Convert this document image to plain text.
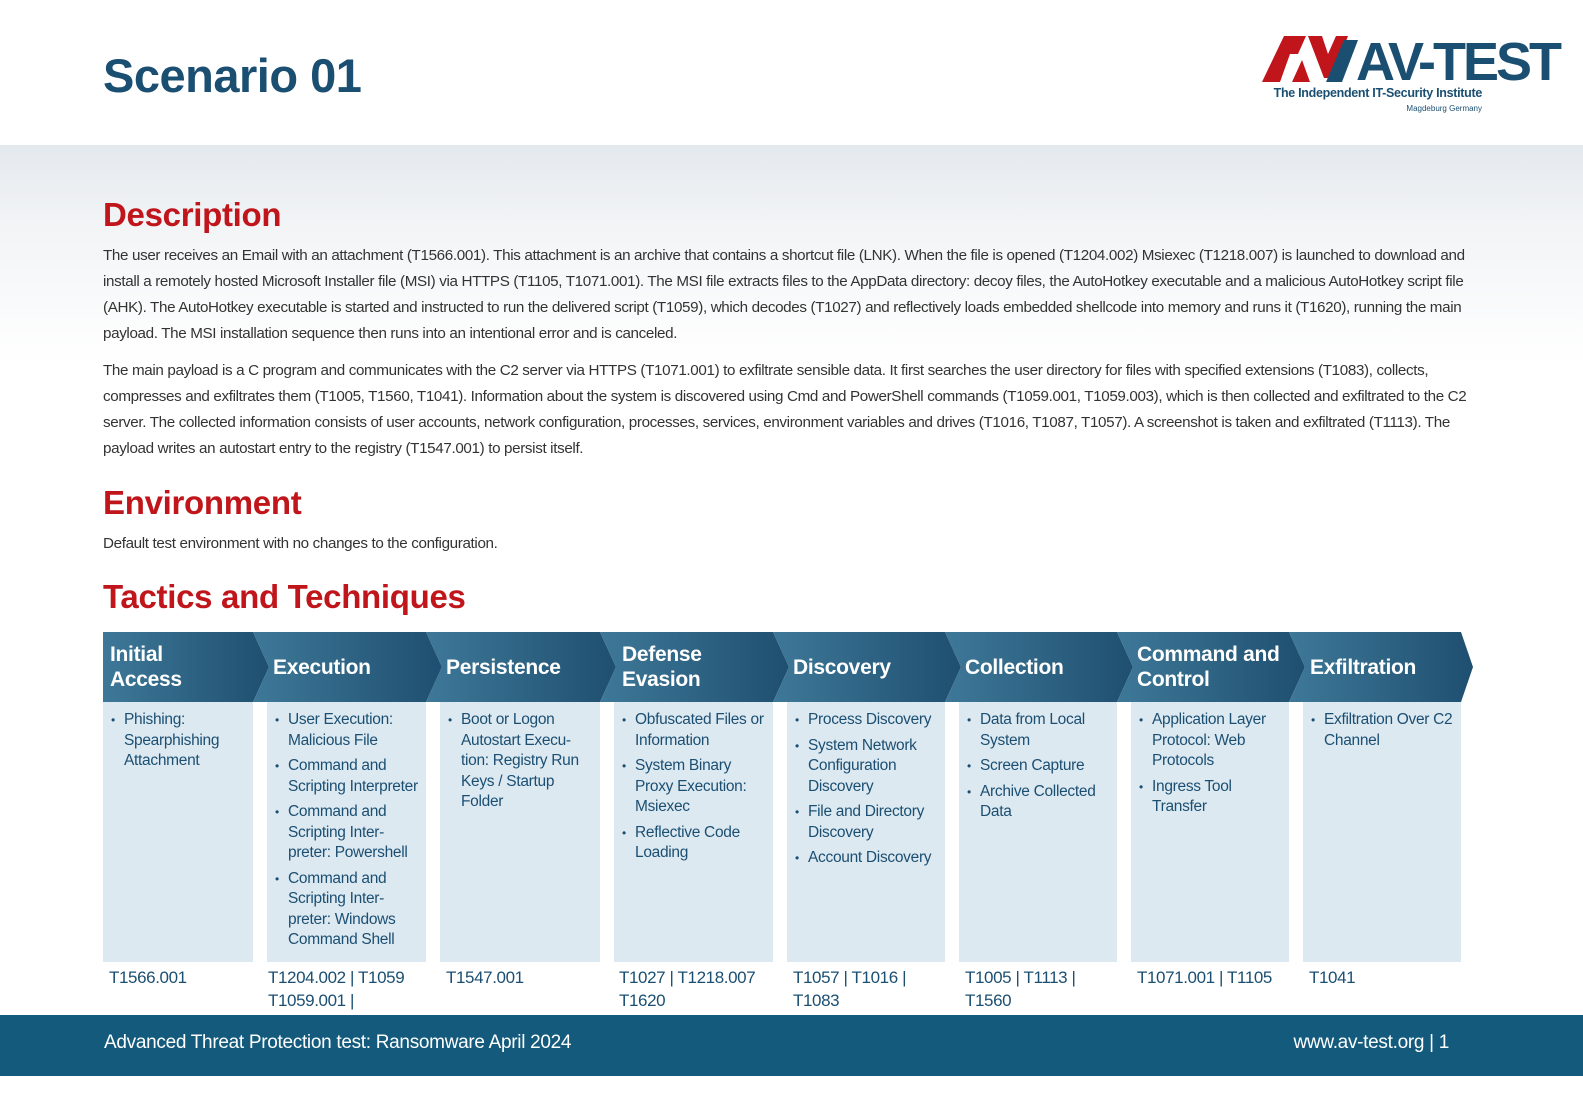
Scenario 01	AV-TEST
The Independent IT-Security Institute
Magdeburg Germany
Description

The user receives an Email with an attachment (T1566.001). This attachment is an archive that contains a shortcut file (LNK). When the file is opened (T1204.002) Msiexec (T1218.007) is launched to download and install a remotely hosted Microsoft Installer file (MSI) via HTTPS (T1105, T1071.001). The MSI file extracts files to the AppData directory: decoy files, the AutoHotkey executable and a malicious AutoHotkey script file (AHK). The AutoHotkey executable is started and instructed to run the delivered script (T1059), which decodes (T1027) and reflectively loads embedded shellcode into memory and runs it (T1620), running the main payload. The MSI installation sequence then runs into an intentional error and is canceled.

The main payload is a C program and communicates with the C2 server via HTTPS (T1071.001) to exfiltrate sensible data. It first searches the user directory for files with specified extensions (T1083), collects, compresses and exfiltrates them (T1005, T1560, T1041). Information about the system is discovered using Cmd and PowerShell commands (T1059.001, T1059.003), which is then collected and exfiltrated to the C2 server. The collected information consists of user accounts, network configuration, processes, services, environment variables and drives (T1016, T1087, T1057). A screenshot is taken and exfiltrated (T1113). The payload writes an autostart entry to the registry (T1547.001) to persist itself.

Environment

Default test environment with no changes to the configuration.

Tactics and Techniques
Initial
Access
• Phishing: Spearphishing Attachment
T1566.001
Execution
• User Execution: Malicious File
• Command and Scripting Interpreter
• Command and Scripting Inter-preter: Powershell
• Command and Scripting Inter-preter: Windows Command Shell
T1204.002 | T1059
T1059.001 |
Persistence
• Boot or Logon Autostart Execu-tion: Registry Run Keys / Startup Folder
T1547.001
Defense
Evasion
• Obfuscated Files or Information
• System Binary Proxy Execution: Msiexec
• Reflective Code Loading
T1027 | T1218.007
T1620
Discovery
• Process Discovery
• System Network Configuration Discovery
• File and Directory Discovery
• Account Discovery
T1057 | T1016 | T1083
Collection
• Data from Local System
• Screen Capture
• Archive Collected Data
T1005 | T1113 | T1560
Command and
Control
• Application Layer Protocol: Web Protocols
• Ingress Tool Transfer
T1071.001 | T1105
Exfiltration
• Exfiltration Over C2 Channel
T1041
Advanced Threat Protection test: Ransomware April 2024	www.av-test.org | 1
